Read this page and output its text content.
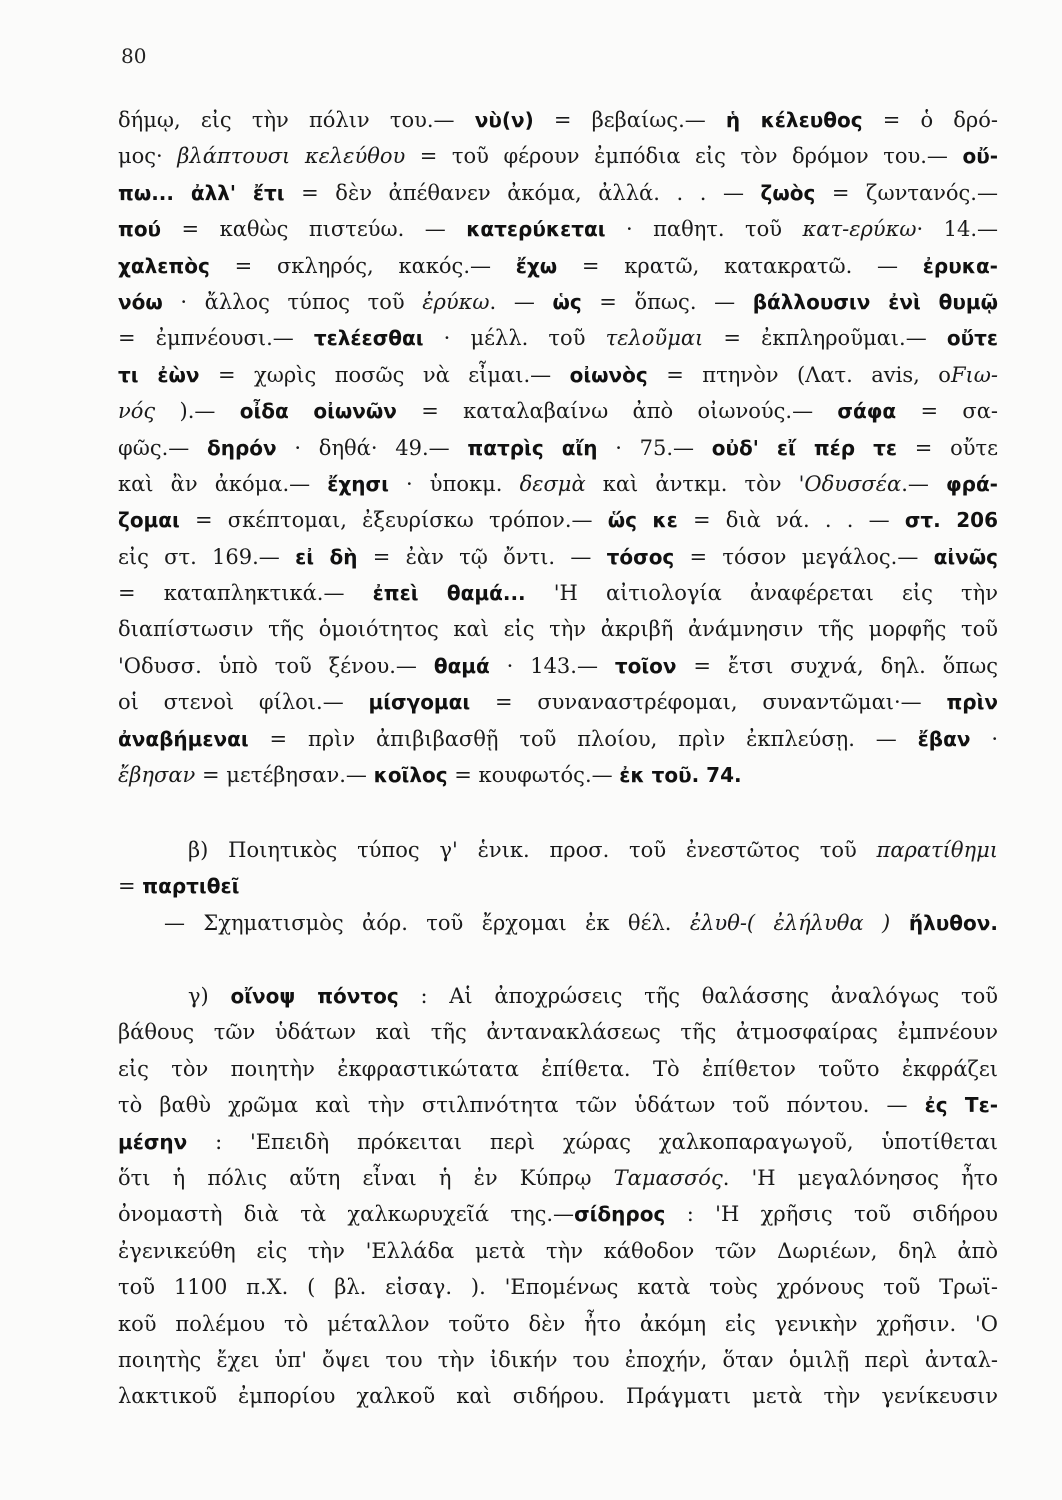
80
δήμῳ, εἰς τὴν πόλιν του.— νὺ(ν) = βεβαίως.— ἡ κέλευθος = ὁ δρό-
μος· βλάπτουσι κελεύθου = τοῦ φέρουν ἐμπόδια εἰς τὸν δρόμον του.— οὔ-
πω... ἀλλ' ἔτι = δὲν ἀπέθανεν ἀκόμα, ἀλλά. . . — ζωὸς = ζωντανός.—
πού = καθὼς πιστεύω. — κατερύκεται · παθητ. τοῦ κατ-ερύκω· 14.—
χαλεπὸς = σκληρός, κακός.— ἔχω = κρατῶ, κατακρατῶ. — ἐρυκα-
νόω · ἄλλος τύπος τοῦ ἐρύκω. — ὡς = ὅπως. — βάλλουσιν ἐνὶ θυμῷ
= ἐμπνέουσι.— τελέεσθαι · μέλλ. τοῦ τελοῦμαι = ἐκπληροῦμαι.— οὔτε
τι ἐὼν = χωρὶς ποσῶς νὰ εἶμαι.— οἰωνὸς = πτηνὸν (Λατ. avis, οFιω-
νός ).— οἶδα οἰωνῶν = καταλαβαίνω ἀπὸ οἰωνούς.— σάφα = σα-
φῶς.— δηρόν · δηθά· 49.— πατρὶς αἴη · 75.— οὐδ' εἴ πέρ τε = οὔτε
καὶ ἂν ἀκόμα.— ἔχησι · ὑποκμ. δεσμὰ καὶ ἀντκμ. τὸν 'Οδυσσέα.— φρά-
ζομαι = σκέπτομαι, ἐξευρίσκω τρόπον.— ὥς κε = διὰ νά. . . — στ. 206
εἰς στ. 169.— εἰ δὴ = ἐὰν τῷ ὄντι. — τόσος = τόσον μεγάλος.— αἰνῶς
= καταπληκτικά.— ἐπεὶ θαμά... 'Η αἰτιολογία ἀναφέρεται εἰς τὴν
διαπίστωσιν τῆς ὁμοιότητος καὶ εἰς τὴν ἀκριβῆ ἀνάμνησιν τῆς μορφῆς τοῦ
'Οδυσσ. ὑπὸ τοῦ ξένου.— θαμά · 143.— τοῖον = ἔτσι συχνά, δηλ. ὅπως
οἱ στενοὶ φίλοι.— μίσγομαι = συναναστρέφομαι, συναντῶμαι·— πρὶν
ἀναβήμεναι = πρὶν ἀπιβιβασθῇ τοῦ πλοίου, πρὶν ἐκπλεύσῃ. — ἔβαν ·
ἔβησαν = μετέβησαν.— κοῖλος = κουφωτός.— ἐκ τοῦ. 74.
β) Ποιητικὸς τύπος γ' ἑνικ. προσ. τοῦ ἐνεστῶτος τοῦ παρατίθημι
= παρτιθεῖ
— Σχηματισμὸς ἀόρ. τοῦ ἔρχομαι ἐκ θέλ. ἐλυθ-( ἐλήλυθα ) ἤλυθον.
γ) οἴνοψ πόντος : Αἱ ἀποχρώσεις τῆς θαλάσσης ἀναλόγως τοῦ
βάθους τῶν ὑδάτων καὶ τῆς ἀντανακλάσεως τῆς ἀτμοσφαίρας ἐμπνέουν
εἰς τὸν ποιητὴν ἐκφραστικώτατα ἐπίθετα. Τὸ ἐπίθετον τοῦτο ἐκφράζει
τὸ βαθὺ χρῶμα καὶ τὴν στιλπνότητα τῶν ὑδάτων τοῦ πόντου. — ἐς Τε-
μέσην : 'Επειδὴ πρόκειται περὶ χώρας χαλκοπαραγωγοῦ, ὑποτίθεται
ὅτι ἡ πόλις αὕτη εἶναι ἡ ἐν Κύπρῳ Ταμασσός. 'Η μεγαλόνησος ἦτο
ὀνομαστὴ διὰ τὰ χαλκωρυχεῖά της.—σίδηρος : 'Η χρῆσις τοῦ σιδήρου
ἐγενικεύθη εἰς τὴν 'Ελλάδα μετὰ τὴν κάθοδον τῶν Δωριέων, δηλ ἀπὸ
τοῦ 1100 π.Χ. ( βλ. εἰσαγ. ). 'Επομένως κατὰ τοὺς χρόνους τοῦ Τρωϊ-
κοῦ πολέμου τὸ μέταλλον τοῦτο δὲν ἦτο ἀκόμη εἰς γενικὴν χρῆσιν. 'Ο
ποιητὴς ἔχει ὑπ' ὄψει του τὴν ἰδικήν του ἐποχήν, ὅταν ὁμιλῇ περὶ ἀνταλ-
λακτικοῦ ἐμπορίου χαλκοῦ καὶ σιδήρου. Πράγματι μετὰ τὴν γενίκευσιν
